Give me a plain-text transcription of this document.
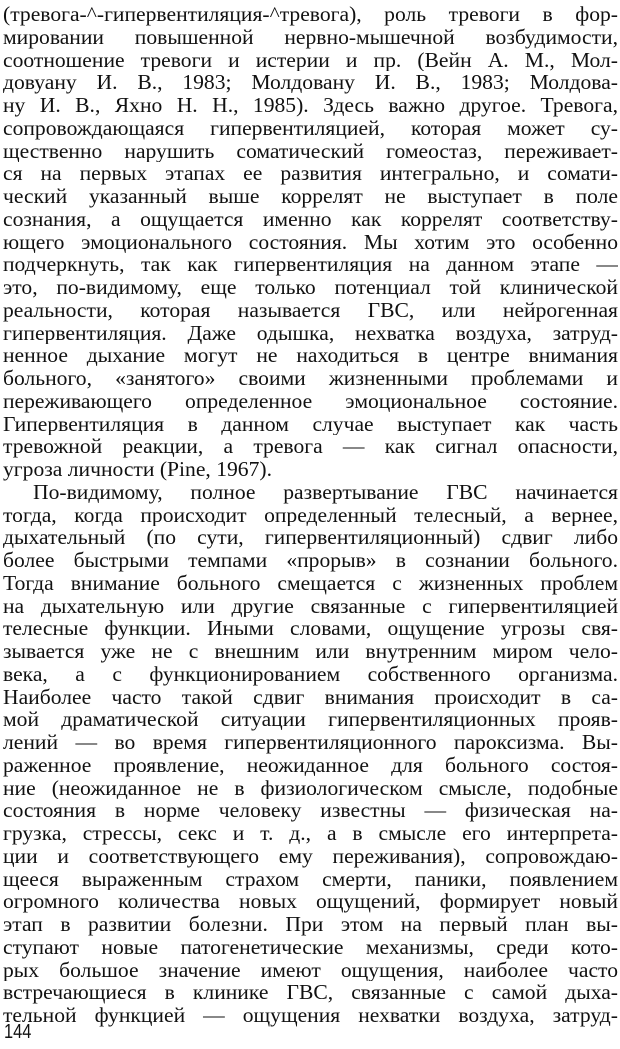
(тревога-^-гипервентиляция-^тревога), роль тревоги в фор-
мировании повышенной нервно-мышечной возбудимости,
соотношение тревоги и истерии и пр. (Вейн А. М., Мол-
довуану И. В., 1983; Молдовану И. В., 1983; Молдова-
ну И. В., Яхно Н. Н., 1985). Здесь важно другое. Тревога,
сопровождающаяся гипервентиляцией, которая может су-
щественно нарушить соматический гомеостаз, переживает-
ся на первых этапах ее развития интегрально, и сомати-
ческий указанный выше коррелят не выступает в поле
сознания, а ощущается именно как коррелят соответству-
ющего эмоционального состояния. Мы хотим это особенно
подчеркнуть, так как гипервентиляция на данном этапе —
это, по-видимому, еще только потенциал той клинической
реальности, которая называется ГВС, или нейрогенная
гипервентиляция. Даже одышка, нехватка воздуха, затруд-
ненное дыхание могут не находиться в центре внимания
больного, «занятого» своими жизненными проблемами и
переживающего определенное эмоциональное состояние.
Гипервентиляция в данном случае выступает как часть
тревожной реакции, а тревога — как сигнал опасности,
угроза личности (Pine, 1967).
По-видимому, полное развертывание ГВС начинается
тогда, когда происходит определенный телесный, а вернее,
дыхательный (по сути, гипервентиляционный) сдвиг либо
более быстрыми темпами «прорыв» в сознании больного.
Тогда внимание больного смещается с жизненных проблем
на дыхательную или другие связанные с гипервентиляцией
телесные функции. Иными словами, ощущение угрозы свя-
зывается уже не с внешним или внутренним миром чело-
века, а с функционированием собственного организма.
Наиболее часто такой сдвиг внимания происходит в са-
мой драматической ситуации гипервентиляционных прояв-
лений — во время гипервентиляционного пароксизма. Вы-
раженное проявление, неожиданное для больного состоя-
ние (неожиданное не в физиологическом смысле, подобные
состояния в норме человеку известны — физическая на-
грузка, стрессы, секс и т. д., а в смысле его интерпрета-
ции и соответствующего ему переживания), сопровождаю-
щееся выраженным страхом смерти, паники, появлением
огромного количества новых ощущений, формирует новый
этап в развитии болезни. При этом на первый план вы-
ступают новые патогенетические механизмы, среди кото-
рых большое значение имеют ощущения, наиболее часто
встречающиеся в клинике ГВС, связанные с самой дыха-
тельной функцией — ощущения нехватки воздуха, затруд-
144
